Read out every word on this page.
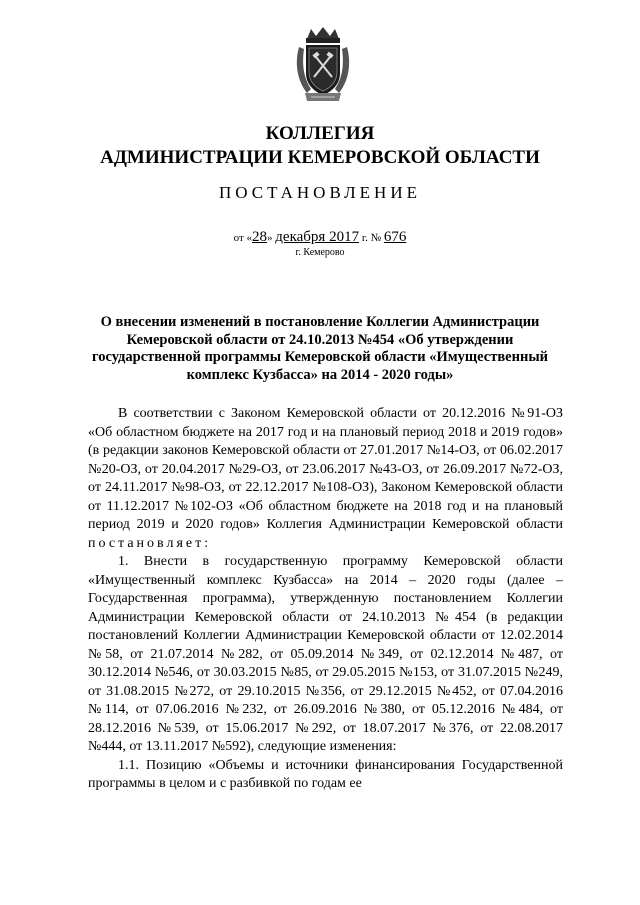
КОЛЛЕГИЯ
АДМИНИСТРАЦИИ КЕМЕРОВСКОЙ ОБЛАСТИ
ПОСТАНОВЛЕНИЕ
от «28» декабря 2017 г. № 676
г. Кемерово
О внесении изменений в постановление Коллегии Администрации Кемеровской области от 24.10.2013 №454 «Об утверждении государственной программы Кемеровской области «Имущественный комплекс Кузбасса» на 2014 - 2020 годы»

В соответствии с Законом Кемеровской области от 20.12.2016 №91-ОЗ «Об областном бюджете на 2017 год и на плановый период 2018 и 2019 годов» (в редакции законов Кемеровской области от 27.01.2017 №14-ОЗ, от 06.02.2017 №20-ОЗ, от 20.04.2017 №29-ОЗ, от 23.06.2017 №43-ОЗ, от 26.09.2017 №72-ОЗ, от 24.11.2017 №98-ОЗ, от 22.12.2017 №108-ОЗ), Законом Кемеровской области от 11.12.2017 №102-ОЗ «Об областном бюджете на 2018 год и на плановый период 2019 и 2020 годов» Коллегия Администрации Кемеровской области постановляет:

1. Внести в государственную программу Кемеровской области «Имущественный комплекс Кузбасса» на 2014 – 2020 годы (далее – Государственная программа), утвержденную постановлением Коллегии Администрации Кемеровской области от 24.10.2013 №454 (в редакции постановлений Коллегии Администрации Кемеровской области от 12.02.2014 №58, от 21.07.2014 №282, от 05.09.2014 №349, от 02.12.2014 №487, от 30.12.2014 №546, от 30.03.2015 №85, от 29.05.2015 №153, от 31.07.2015 №249, от 31.08.2015 №272, от 29.10.2015 №356, от 29.12.2015 №452, от 07.04.2016 №114, от 07.06.2016 №232, от 26.09.2016 №380, от 05.12.2016 №484, от 28.12.2016 №539, от 15.06.2017 №292, от 18.07.2017 №376, от 22.08.2017 №444, от 13.11.2017 №592), следующие изменения:

1.1. Позицию «Объемы и источники финансирования Государственной программы в целом и с разбивкой по годам ее
